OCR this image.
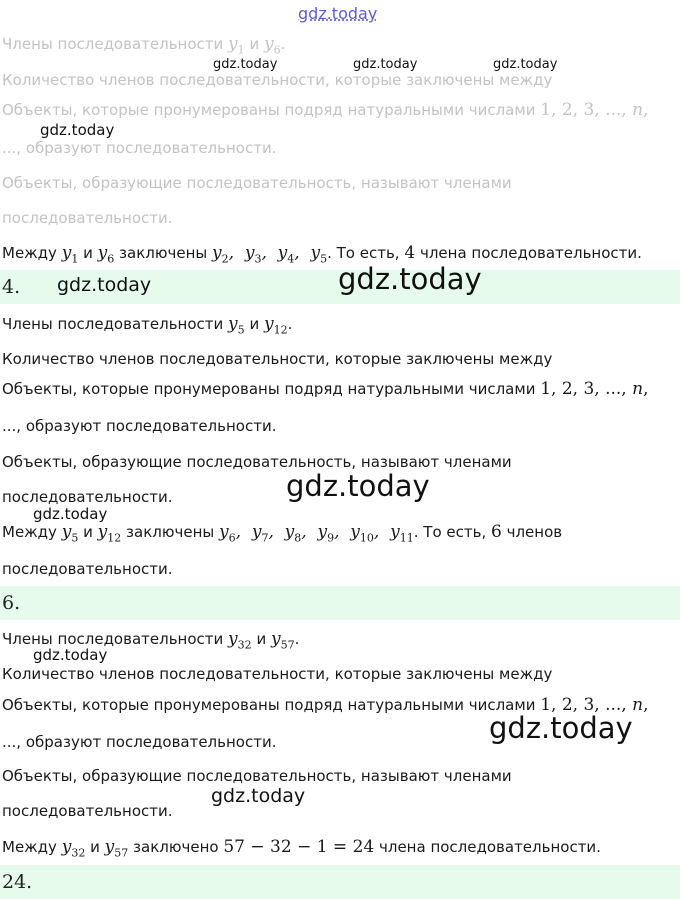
gdz.today
gdz.today	gdz.today	gdz.today
gdz.today
Члены последовательности $y_1$ и $y_6$.
Количество членов последовательности, которые заключены между
Объекты, которые пронумерованы подряд натуральными числами 1, 2, 3, ..., n,
..., образуют последовательности.
Объекты, образующие последовательность, называют членами
последовательности.
Между $y_1$ и $y_6$ заключены $y_2$,  $y_3$,  $y_4$,  $y_5$. То есть, 4 члена последовательности.
4. gdz.today	gdz.today
Члены последовательности $y_5$ и $y_{12}$.
Количество членов последовательности, которые заключены между
Объекты, которые пронумерованы подряд натуральными числами 1, 2, 3, ..., n,
..., образуют последовательности.
Объекты, образующие последовательность, называют членами
последовательности.	gdz.today
gdz.today
Между $y_5$ и $y_{12}$ заключены $y_6$,  $y_7$,  $y_8$,  $y_9$,  $y_{10}$,  $y_{11}$. То есть, 6 членов
последовательности.
6.
Члены последовательности $y_{32}$ и $y_{57}$.
gdz.today
Количество членов последовательности, которые заключены между
Объекты, которые пронумерованы подряд натуральными числами 1, 2, 3, ..., n,
gdz.today
..., образуют последовательности.
Объекты, образующие последовательность, называют членами
gdz.today
последовательности.
Между $y_{32}$ и $y_{57}$ заключено 57 − 32 − 1 = 24 члена последовательности.
24.
